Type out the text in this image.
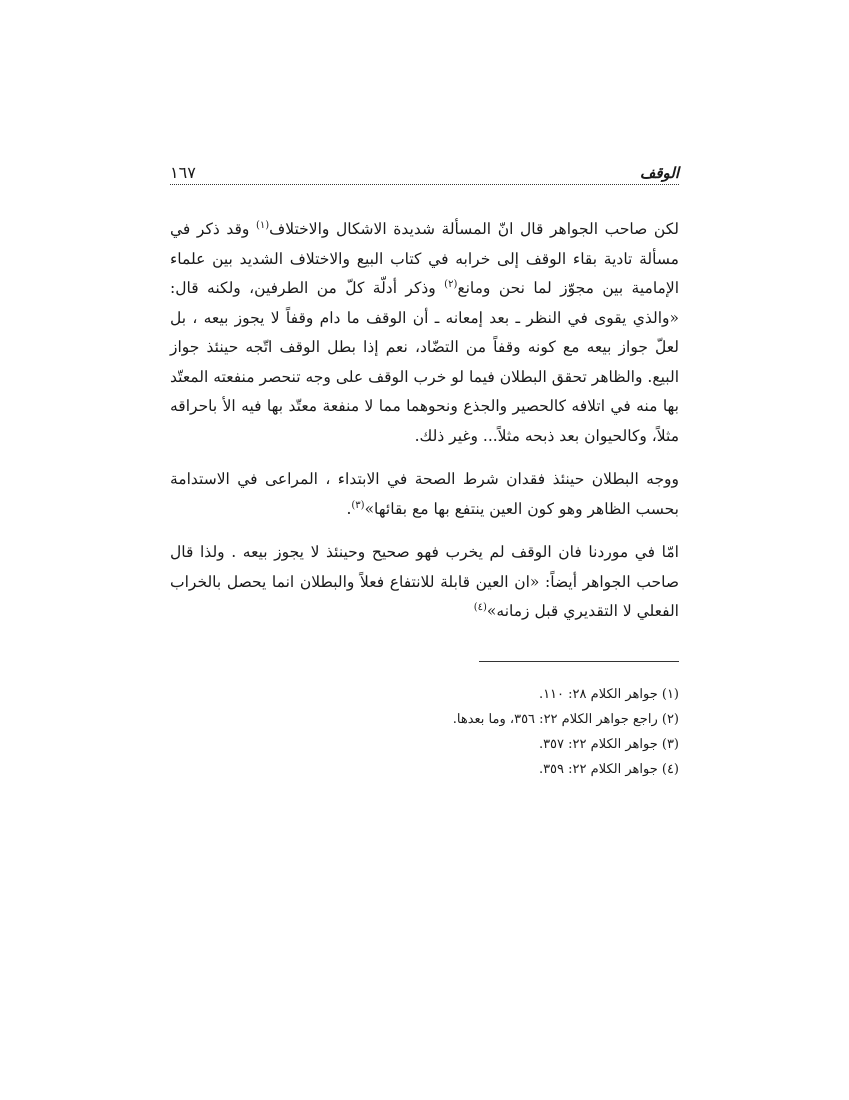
الوقف
١٦٧

لكن صاحب الجواهر قال انّ المسألة شديدة الاشكال والاختلاف$^{(١)}$ وقد ذكر في مسألة تادية بقاء الوقف إلى خرابه في كتاب البيع والاختلاف الشديد بين علماء الإمامية بين مجوّز لما نحن ومانع$^{(٢)}$ وذكر أدلّة كلّ من الطرفين، ولكنه قال: «والذي يقوى في النظر ـ بعد إمعانه ـ أن الوقف ما دام وقفاً لا يجوز بيعه ، بل لعلّ جواز بيعه مع كونه وقفاً من التضّاد، نعم إذا بطل الوقف اتّجه حينئذ جواز البيع. والظاهر تحقق البطلان فيما لو خرب الوقف على وجه تنحصر منفعته المعتّد بها منه في اتلافه كالحصير والجذع ونحوهما مما لا منفعة معتّد بها فيه الأ باحراقه مثلاً، وكالحيوان بعد ذبحه مثلاً... وغير ذلك.

ووجه البطلان حينئذ فقدان شرط الصحة في الابتداء ، المراعى في الاستدامة بحسب الظاهر وهو كون العين ينتفع بها مع بقائها»$^{(٣)}$.

امّا في موردنا فان الوقف لم يخرب فهو صحيح وحينئذ لا يجوز بيعه . ولذا قال صاحب الجواهر أيضاً: «ان العين قابلة للانتفاع فعلاً والبطلان انما يحصل بالخراب الفعلي لا التقديري قبل زمانه»$^{(٤)}$

(١) جواهر الكلام ٢٨: ١١٠.

(٢) راجع جواهر الكلام ٢٢: ٣٥٦، وما بعدها.

(٣) جواهر الكلام ٢٢: ٣٥٧.

(٤) جواهر الكلام ٢٢: ٣٥٩.
